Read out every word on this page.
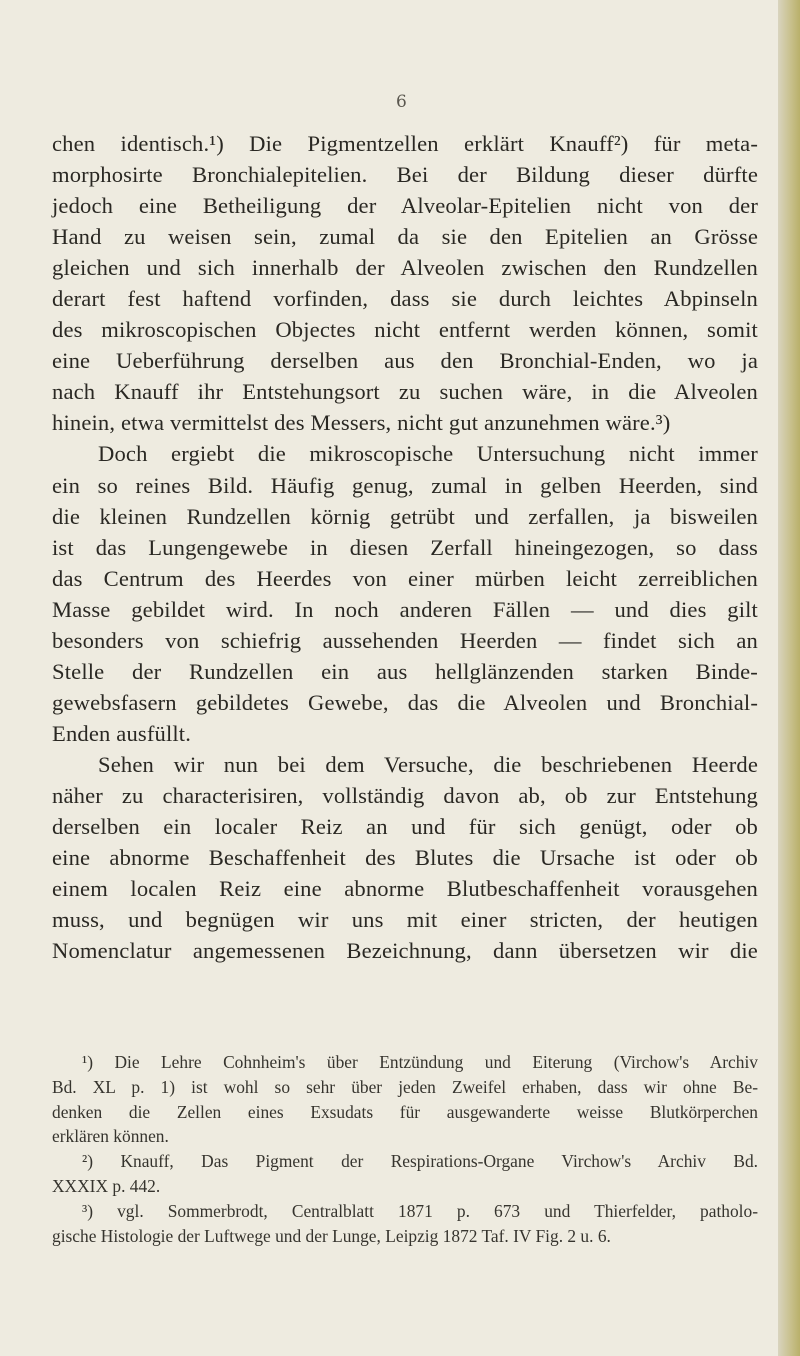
6
chen identisch.¹) Die Pigmentzellen erklärt Knauff²) für meta-
morphosirte Bronchialepitelien. Bei der Bildung dieser dürfte
jedoch eine Betheiligung der Alveolar-Epitelien nicht von der
Hand zu weisen sein, zumal da sie den Epitelien an Grösse
gleichen und sich innerhalb der Alveolen zwischen den Rundzellen
derart fest haftend vorfinden, dass sie durch leichtes Abpinseln
des mikroscopischen Objectes nicht entfernt werden können, somit
eine Ueberführung derselben aus den Bronchial-Enden, wo ja
nach Knauff ihr Entstehungsort zu suchen wäre, in die Alveolen
hinein, etwa vermittelst des Messers, nicht gut anzunehmen wäre.³)
Doch ergiebt die mikroscopische Untersuchung nicht immer
ein so reines Bild. Häufig genug, zumal in gelben Heerden, sind
die kleinen Rundzellen körnig getrübt und zerfallen, ja bisweilen
ist das Lungengewebe in diesen Zerfall hineingezogen, so dass
das Centrum des Heerdes von einer mürben leicht zerreiblichen
Masse gebildet wird. In noch anderen Fällen — und dies gilt
besonders von schiefrig aussehenden Heerden — findet sich an
Stelle der Rundzellen ein aus hellglänzenden starken Binde-
gewebsfasern gebildetes Gewebe, das die Alveolen und Bronchial-
Enden ausfüllt.
Sehen wir nun bei dem Versuche, die beschriebenen Heerde
näher zu characterisiren, vollständig davon ab, ob zur Entstehung
derselben ein localer Reiz an und für sich genügt, oder ob
eine abnorme Beschaffenheit des Blutes die Ursache ist oder ob
einem localen Reiz eine abnorme Blutbeschaffenheit vorausgehen
muss, und begnügen wir uns mit einer stricten, der heutigen
Nomenclatur angemessenen Bezeichnung, dann übersetzen wir die
¹) Die Lehre Cohnheim's über Entzündung und Eiterung (Virchow's Archiv
Bd. XL p. 1) ist wohl so sehr über jeden Zweifel erhaben, dass wir ohne Be-
denken die Zellen eines Exsudats für ausgewanderte weisse Blutkörperchen
erklären können.
²) Knauff, Das Pigment der Respirations-Organe Virchow's Archiv Bd.
XXXIX p. 442.
³) vgl. Sommerbrodt, Centralblatt 1871 p. 673 und Thierfelder, patholo-
gische Histologie der Luftwege und der Lunge, Leipzig 1872 Taf. IV Fig. 2 u. 6.
